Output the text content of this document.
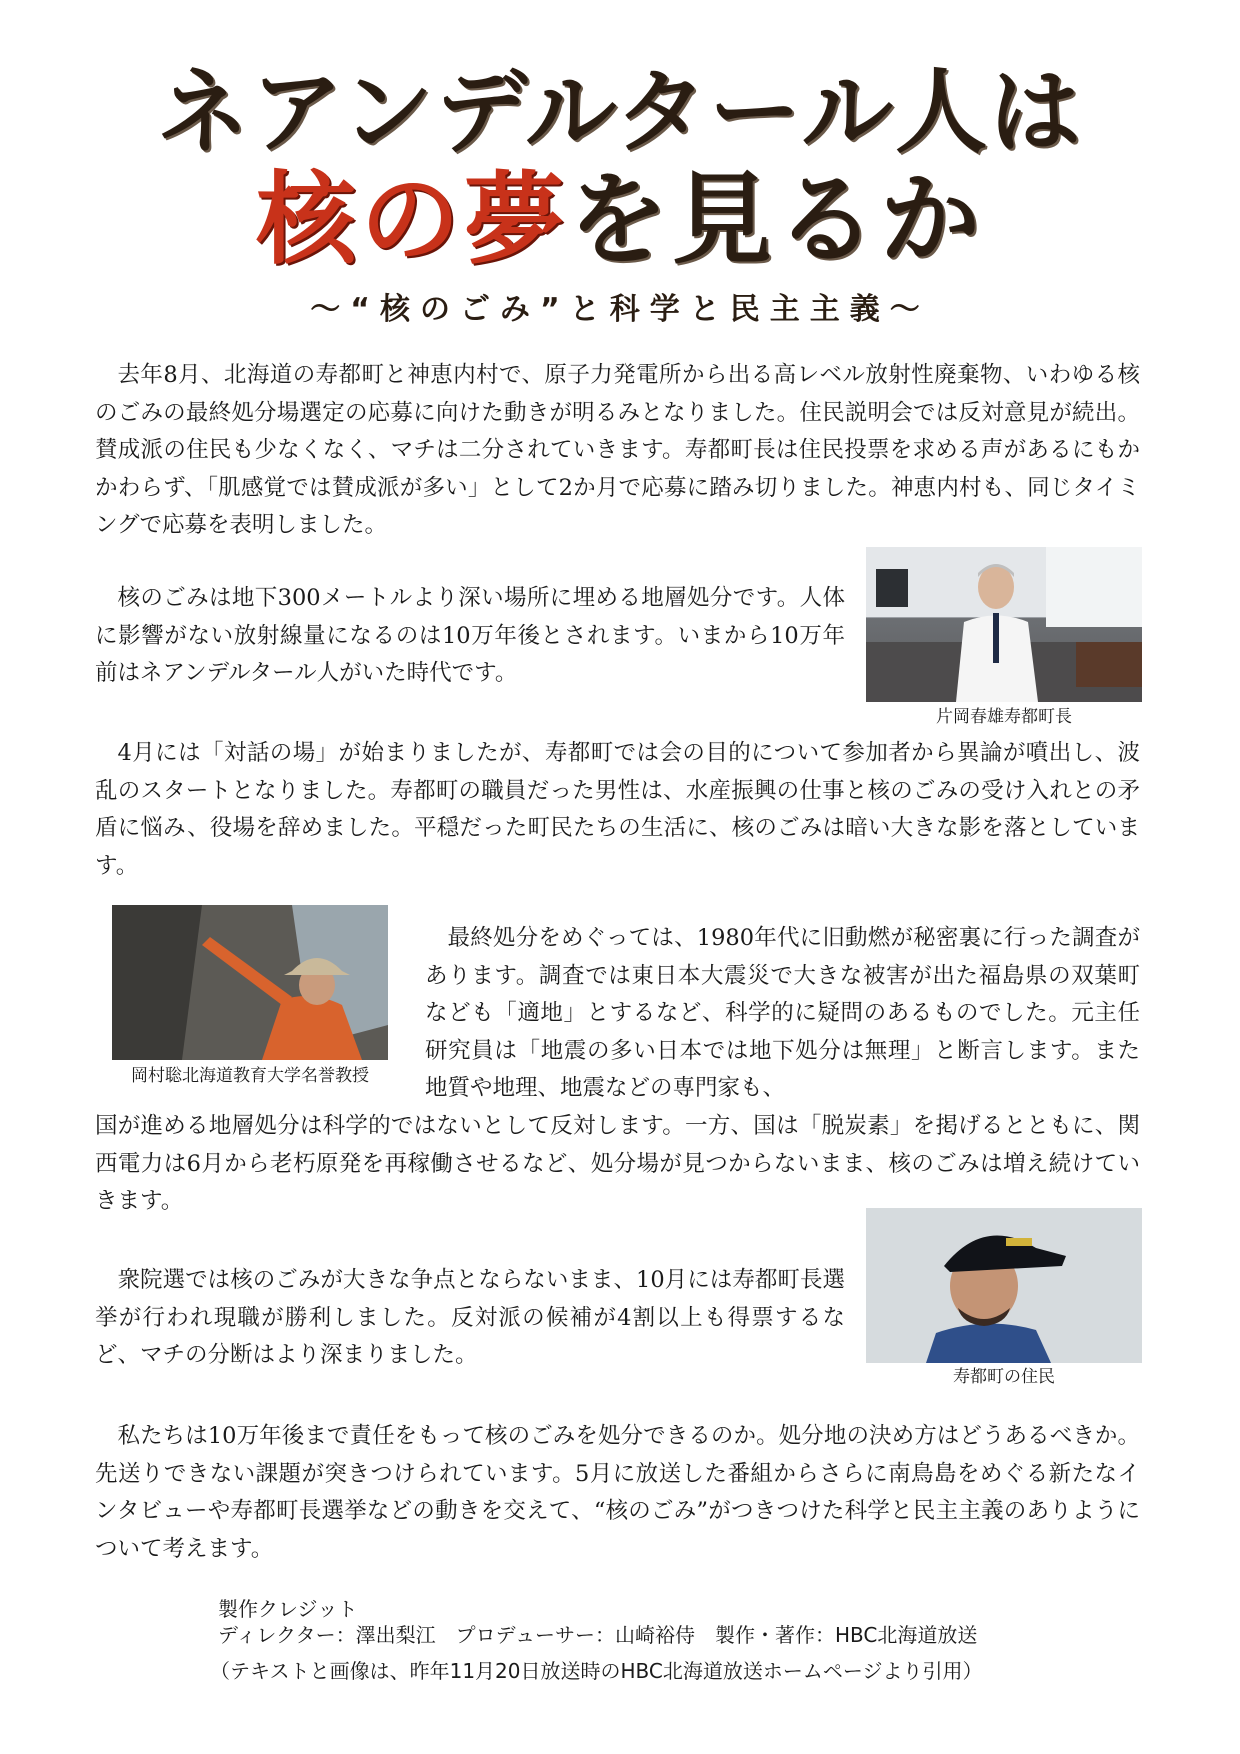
ネアンデルタール人は
核の夢を見るか
～“核のごみ”と科学と民主主義～

去年8月、北海道の寿都町と神恵内村で、原子力発電所から出る高レベル放射性廃棄物、いわゆる核のごみの最終処分場選定の応募に向けた動きが明るみとなりました。住民説明会では反対意見が続出。賛成派の住民も少なくなく、マチは二分されていきます。寿都町長は住民投票を求める声があるにもかかわらず、「肌感覚では賛成派が多い」として2か月で応募に踏み切りました。神恵内村も、同じタイミングで応募を表明しました。

片岡春雄寿都町長

核のごみは地下300メートルより深い場所に埋める地層処分です。人体に影響がない放射線量になるのは10万年後とされます。いまから10万年前はネアンデルタール人がいた時代です。

4月には「対話の場」が始まりましたが、寿都町では会の目的について参加者から異論が噴出し、波乱のスタートとなりました。寿都町の職員だった男性は、水産振興の仕事と核のごみの受け入れとの矛盾に悩み、役場を辞めました。平穏だった町民たちの生活に、核のごみは暗い大きな影を落としています。

岡村聡北海道教育大学名誉教授

最終処分をめぐっては、1980年代に旧動燃が秘密裏に行った調査があります。調査では東日本大震災で大きな被害が出た福島県の双葉町なども「適地」とするなど、科学的に疑問のあるものでした。元主任研究員は「地震の多い日本では地下処分は無理」と断言します。また地質や地理、地震などの専門家も、

国が進める地層処分は科学的ではないとして反対します。一方、国は「脱炭素」を掲げるとともに、関西電力は6月から老朽原発を再稼働させるなど、処分場が見つからないまま、核のごみは増え続けていきます。

寿都町の住民

衆院選では核のごみが大きな争点とならないまま、10月には寿都町長選挙が行われ現職が勝利しました。反対派の候補が4割以上も得票するなど、マチの分断はより深まりました。

私たちは10万年後まで責任をもって核のごみを処分できるのか。処分地の決め方はどうあるべきか。先送りできない課題が突きつけられています。5月に放送した番組からさらに南鳥島をめぐる新たなインタビューや寿都町長選挙などの動きを交えて、“核のごみ”がつきつけた科学と民主主義のありようについて考えます。

製作クレジット
ディレクター：澤出梨江　プロデューサー：山崎裕侍　製作・著作：HBC北海道放送
（テキストと画像は、昨年11月20日放送時のHBC北海道放送ホームページより引用）
